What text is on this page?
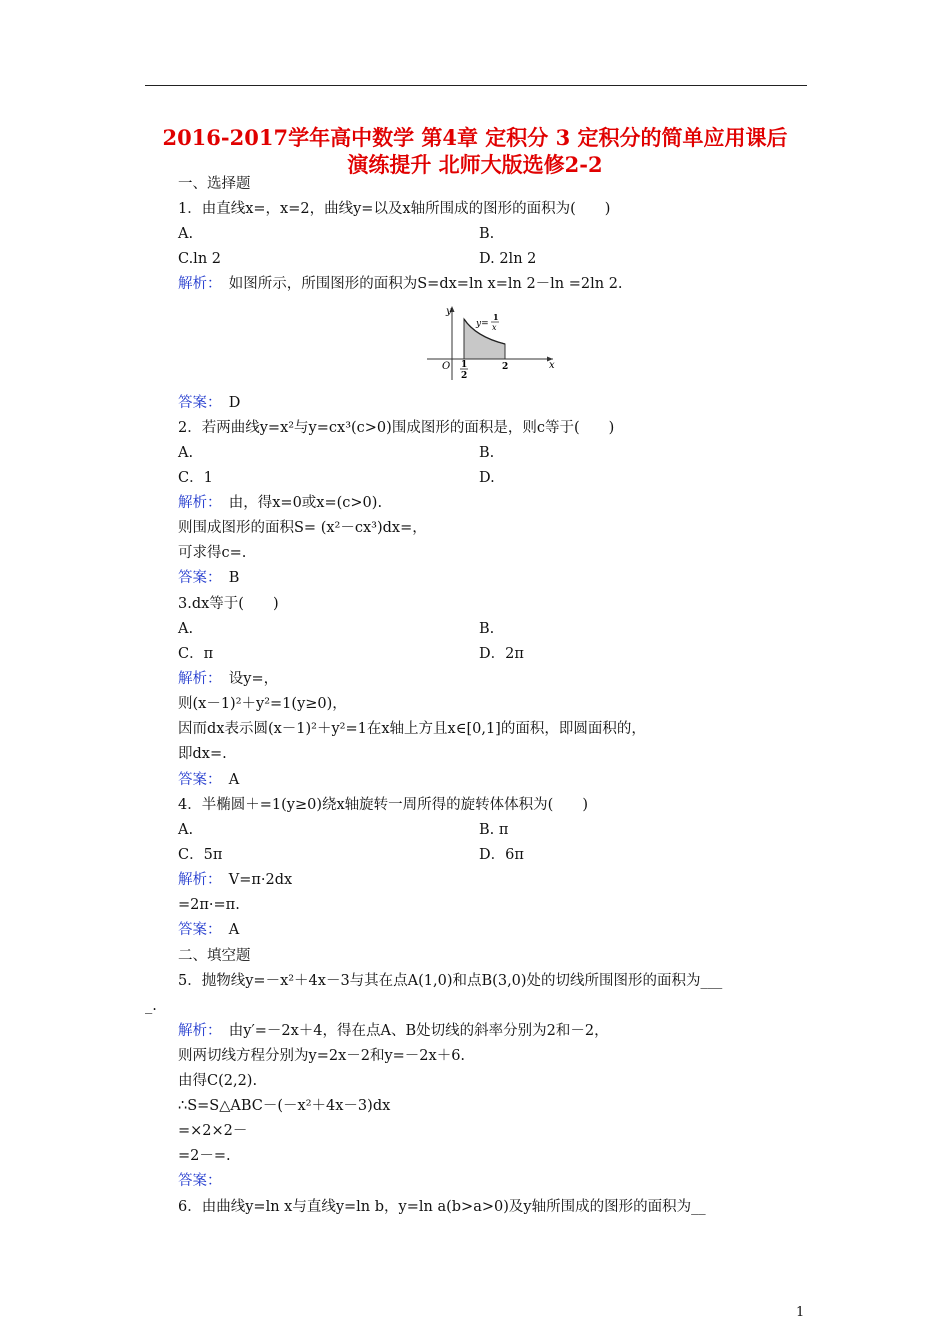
2016-2017学年高中数学 第4章 定积分 3 定积分的简单应用课后
演练提升 北师大版选修2-2
一、选择题
1．由直线x=，x=2，曲线y=以及x轴所围成的图形的面积为(　　)
A.	B.
C.ln 2	D. 2ln 2
解析：　如图所示，所围图形的面积为S=dx=ln x=ln 2－ln =2ln 2.
y
x
O 1
2
2
y=
1
x
答案：　D
2．若两曲线y=x²与y=cx³(c>0)围成图形的面积是，则c等于(　　)
A.	B.
C．1	D.
解析：　由，得x=0或x=(c>0).
则围成图形的面积S= (x²－cx³)dx=，
可求得c=.
答案：　B
3.dx等于(　　)
A.	B.
C．π	D．2π
解析：　设y=，
则(x－1)²＋y²=1(y≥0)，
因而dx表示圆(x－1)²＋y²=1在x轴上方且x∈[0,1]的面积，即圆面积的，
即dx=.
答案：　A
4．半椭圆＋=1(y≥0)绕x轴旋转一周所得的旋转体体积为(　　)
A.	B. π
C．5π	D．6π
解析：　V=π·2dx
=2π·=π.
答案：　A
二、填空题
5．抛物线y=－x²＋4x－3与其在点A(1,0)和点B(3,0)处的切线所围图形的面积为___
_.
解析：　由y′=－2x＋4，得在点A、B处切线的斜率分别为2和－2，
则两切线方程分别为y=2x－2和y=－2x＋6.
由得C(2,2).
∴S=S△ABC－(－x²＋4x－3)dx
=×2×2－
=2－=.
答案：
6．由曲线y=ln x与直线y=ln b，y=ln a(b>a>0)及y轴所围成的图形的面积为__
1
